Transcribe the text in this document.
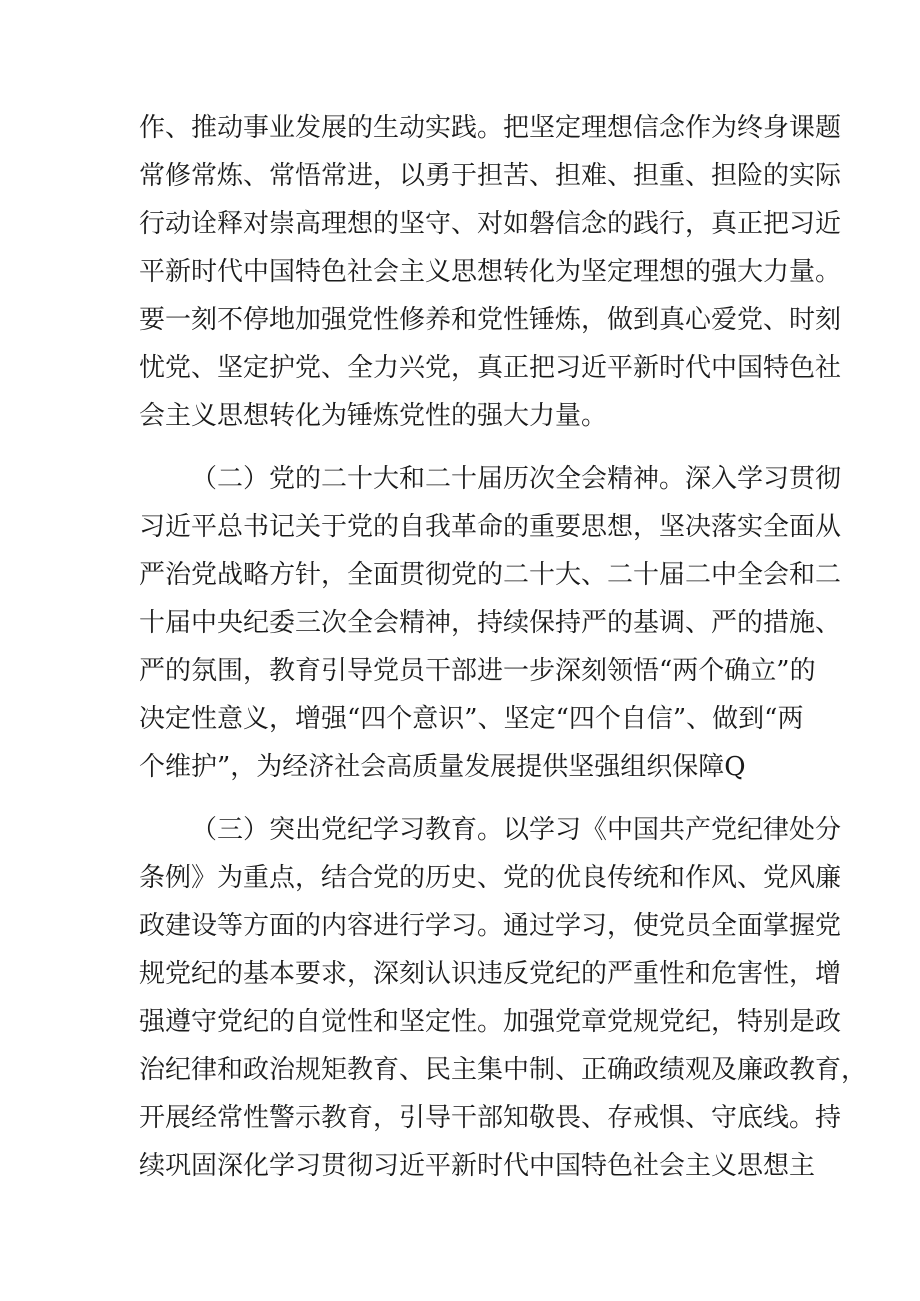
作、推动事业发展的生动实践。把坚定理想信念作为终身课题
常修常炼、常悟常进，以勇于担苦、担难、担重、担险的实际
行动诠释对崇高理想的坚守、对如磐信念的践行，真正把习近
平新时代中国特色社会主义思想转化为坚定理想的强大力量。
要一刻不停地加强党性修养和党性锤炼，做到真心爱党、时刻
忧党、坚定护党、全力兴党，真正把习近平新时代中国特色社
会主义思想转化为锤炼党性的强大力量。
（二）党的二十大和二十届历次全会精神。深入学习贯彻
习近平总书记关于党的自我革命的重要思想，坚决落实全面从
严治党战略方针，全面贯彻党的二十大、二十届二中全会和二
十届中央纪委三次全会精神，持续保持严的基调、严的措施、
严的氛围，教育引导党员干部进一步深刻领悟“两个确立”的
决定性意义，增强“四个意识”、坚定“四个自信”、做到“两
个维护”，为经济社会高质量发展提供坚强组织保障Q
（三）突出党纪学习教育。以学习《中国共产党纪律处分
条例》为重点，结合党的历史、党的优良传统和作风、党风廉
政建设等方面的内容进行学习。通过学习，使党员全面掌握党
规党纪的基本要求，深刻认识违反党纪的严重性和危害性，增
强遵守党纪的自觉性和坚定性。加强党章党规党纪，特别是政
治纪律和政治规矩教育、民主集中制、正确政绩观及廉政教育，
开展经常性警示教育，引导干部知敬畏、存戒惧、守底线。持
续巩固深化学习贯彻习近平新时代中国特色社会主义思想主
